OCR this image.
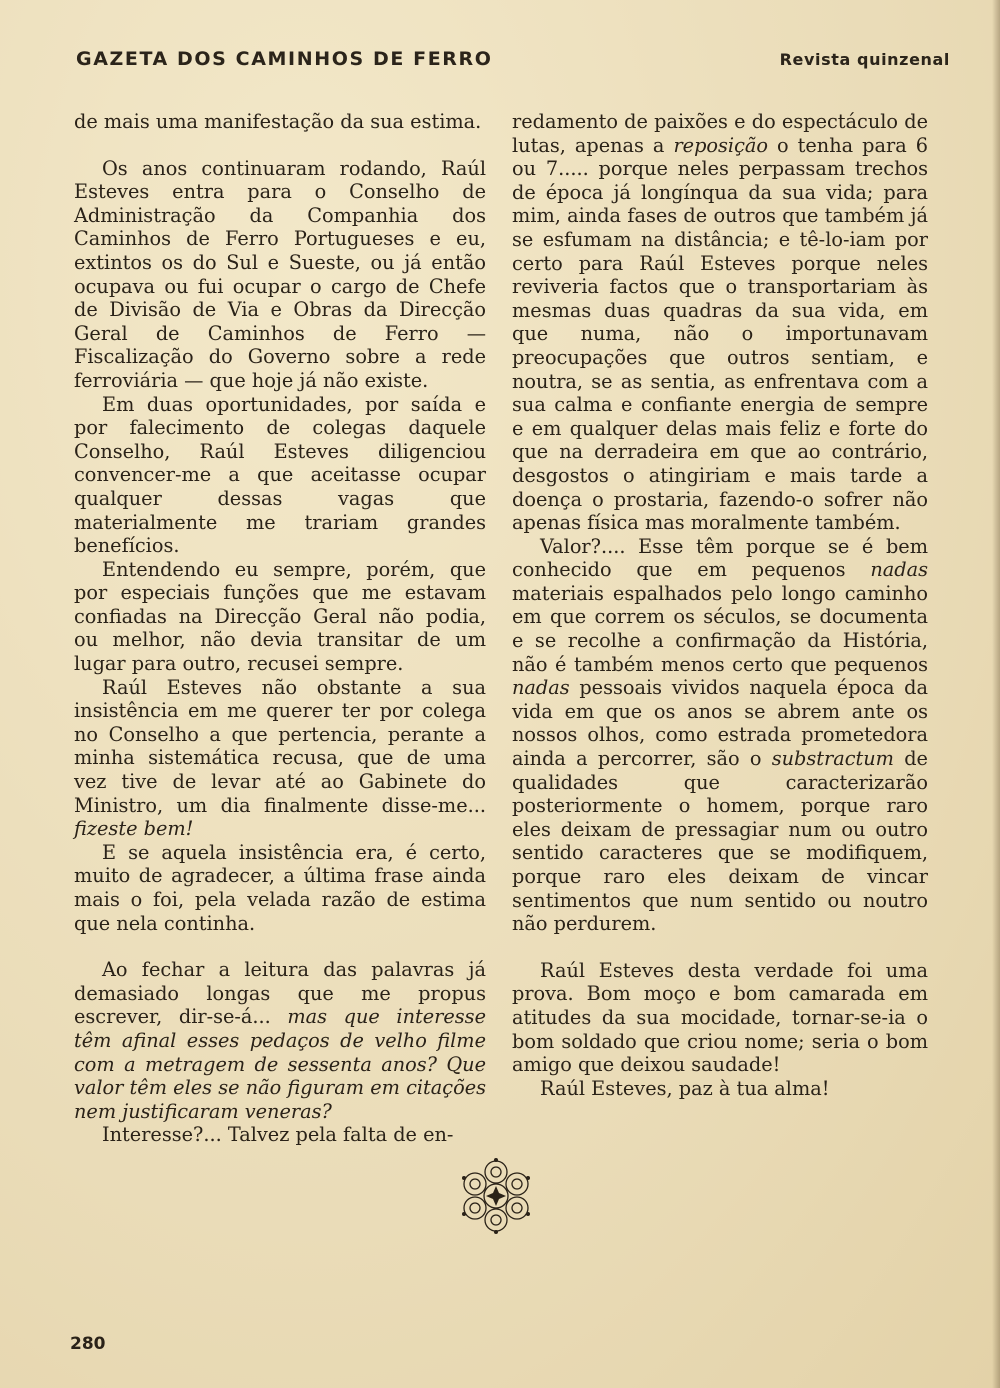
GAZETA DOS CAMINHOS DE FERRO	Revista quinzenal

de mais uma manifestação da sua estima.

Os anos continuaram rodando, Raúl Esteves entra para o Conselho de Administração da Companhia dos Caminhos de Ferro Portugueses e eu, extintos os do Sul e Sueste, ou já então ocupava ou fui ocupar o cargo de Chefe de Divisão de Via e Obras da Direcção Geral de Caminhos de Ferro — Fiscalização do Governo sobre a rede ferroviária — que hoje já não existe.

Em duas oportunidades, por saída e por falecimento de colegas daquele Conselho, Raúl Esteves diligenciou convencer-me a que aceitasse ocupar qualquer dessas vagas que materialmente me trariam grandes benefícios.

Entendendo eu sempre, porém, que por especiais funções que me estavam confiadas na Direcção Geral não podia, ou melhor, não devia transitar de um lugar para outro, recusei sempre.

Raúl Esteves não obstante a sua insistência em me querer ter por colega no Conselho a que pertencia, perante a minha sistemática recusa, que de uma vez tive de levar até ao Gabinete do Ministro, um dia finalmente disse-me... fizeste bem!

E se aquela insistência era, é certo, muito de agradecer, a última frase ainda mais o foi, pela velada razão de estima que nela continha.

Ao fechar a leitura das palavras já demasiado longas que me propus escrever, dir-se-á... mas que interesse têm afinal esses pedaços de velho filme com a metragem de sessenta anos? Que valor têm eles se não figuram em citações nem justificaram veneras?

Interesse?... Talvez pela falta de en-

redamento de paixões e do espectáculo de lutas, apenas a reposição o tenha para 6 ou 7..... porque neles perpassam trechos de época já longínqua da sua vida; para mim, ainda fases de outros que também já se esfumam na distância; e tê-lo-iam por certo para Raúl Esteves porque neles reviveria factos que o transportariam às mesmas duas quadras da sua vida, em que numa, não o importunavam preocupações que outros sentiam, e noutra, se as sentia, as enfrentava com a sua calma e confiante energia de sempre e em qualquer delas mais feliz e forte do que na derradeira em que ao contrário, desgostos o atingiriam e mais tarde a doença o prostaria, fazendo-o sofrer não apenas física mas moralmente também.

Valor?.... Esse têm porque se é bem conhecido que em pequenos nadas materiais espalhados pelo longo caminho em que correm os séculos, se documenta e se recolhe a confirmação da História, não é também menos certo que pequenos nadas pessoais vividos naquela época da vida em que os anos se abrem ante os nossos olhos, como estrada prometedora ainda a percorrer, são o substractum de qualidades que caracterizarão posteriormente o homem, porque raro eles deixam de pressagiar num ou outro sentido caracteres que se modifiquem, porque raro eles deixam de vincar sentimentos que num sentido ou noutro não perdurem.

Raúl Esteves desta verdade foi uma prova. Bom moço e bom camarada em atitudes da sua mocidade, tornar-se-ia o bom soldado que criou nome; seria o bom amigo que deixou saudade!

Raúl Esteves, paz à tua alma!

280
